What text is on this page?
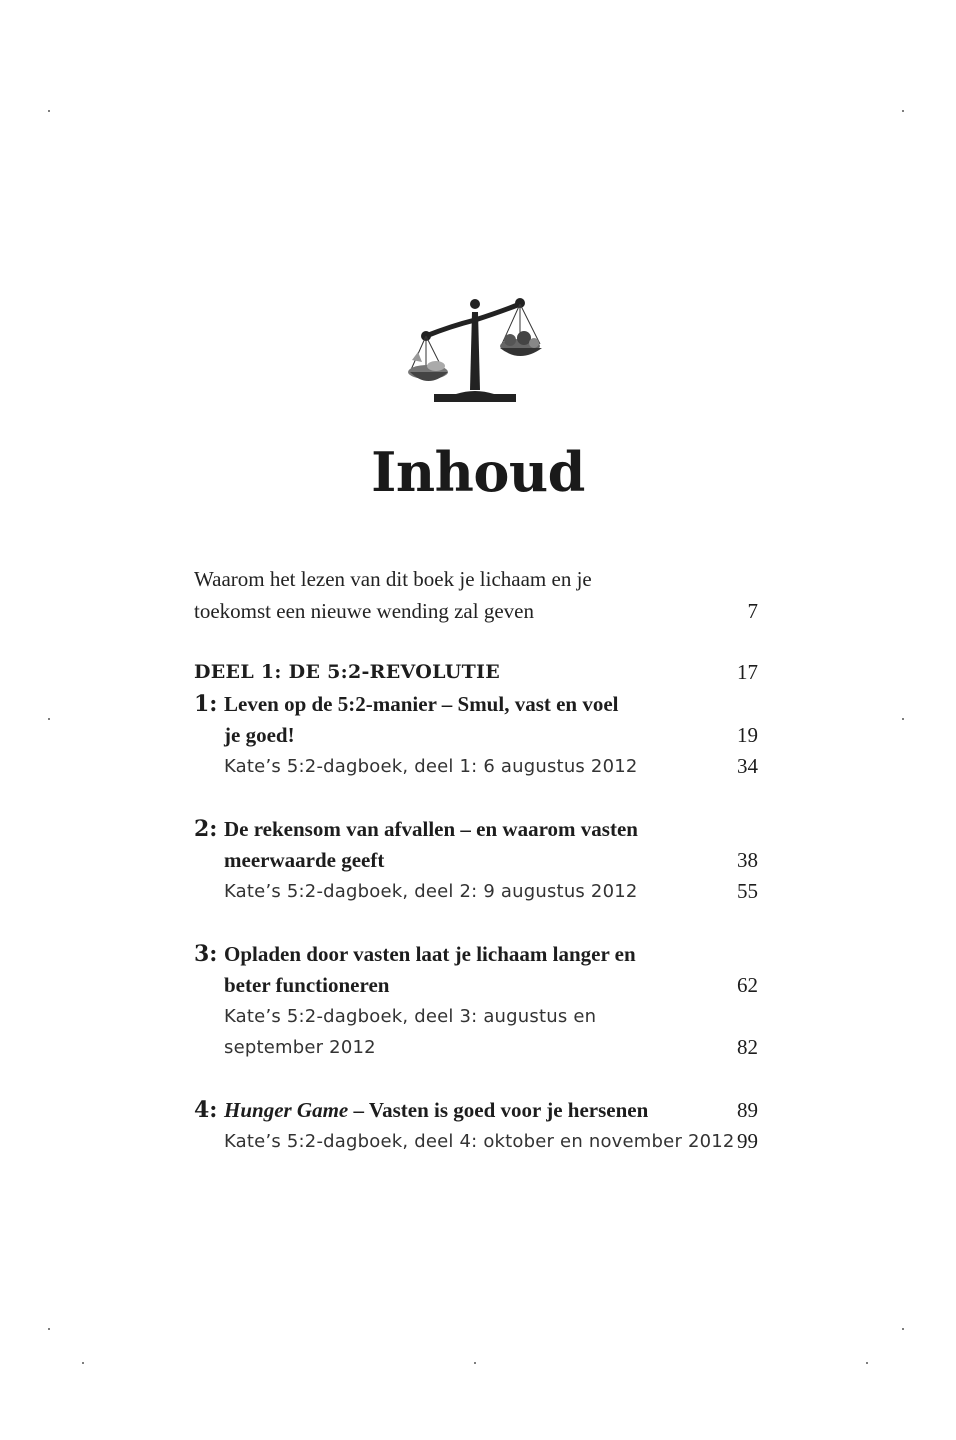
Inhoud
Waarom het lezen van dit boek je lichaam en je
toekomst een nieuwe wending zal geven	7
DEEL 1: DE 5:2-REVOLUTIE	17
1: Leven op de 5:2-manier – Smul, vast en voel
je goed!	19
Kate’s 5:2-dagboek, deel 1: 6 augustus 2012	34
2: De rekensom van afvallen – en waarom vasten
meerwaarde geeft	38
Kate’s 5:2-dagboek, deel 2: 9 augustus 2012	55
3: Opladen door vasten laat je lichaam langer en
beter functioneren	62
Kate’s 5:2-dagboek, deel 3: augustus en
september 2012	82
4: Hunger Game – Vasten is goed voor je hersenen	89
Kate’s 5:2-dagboek, deel 4: oktober en november 2012 99
